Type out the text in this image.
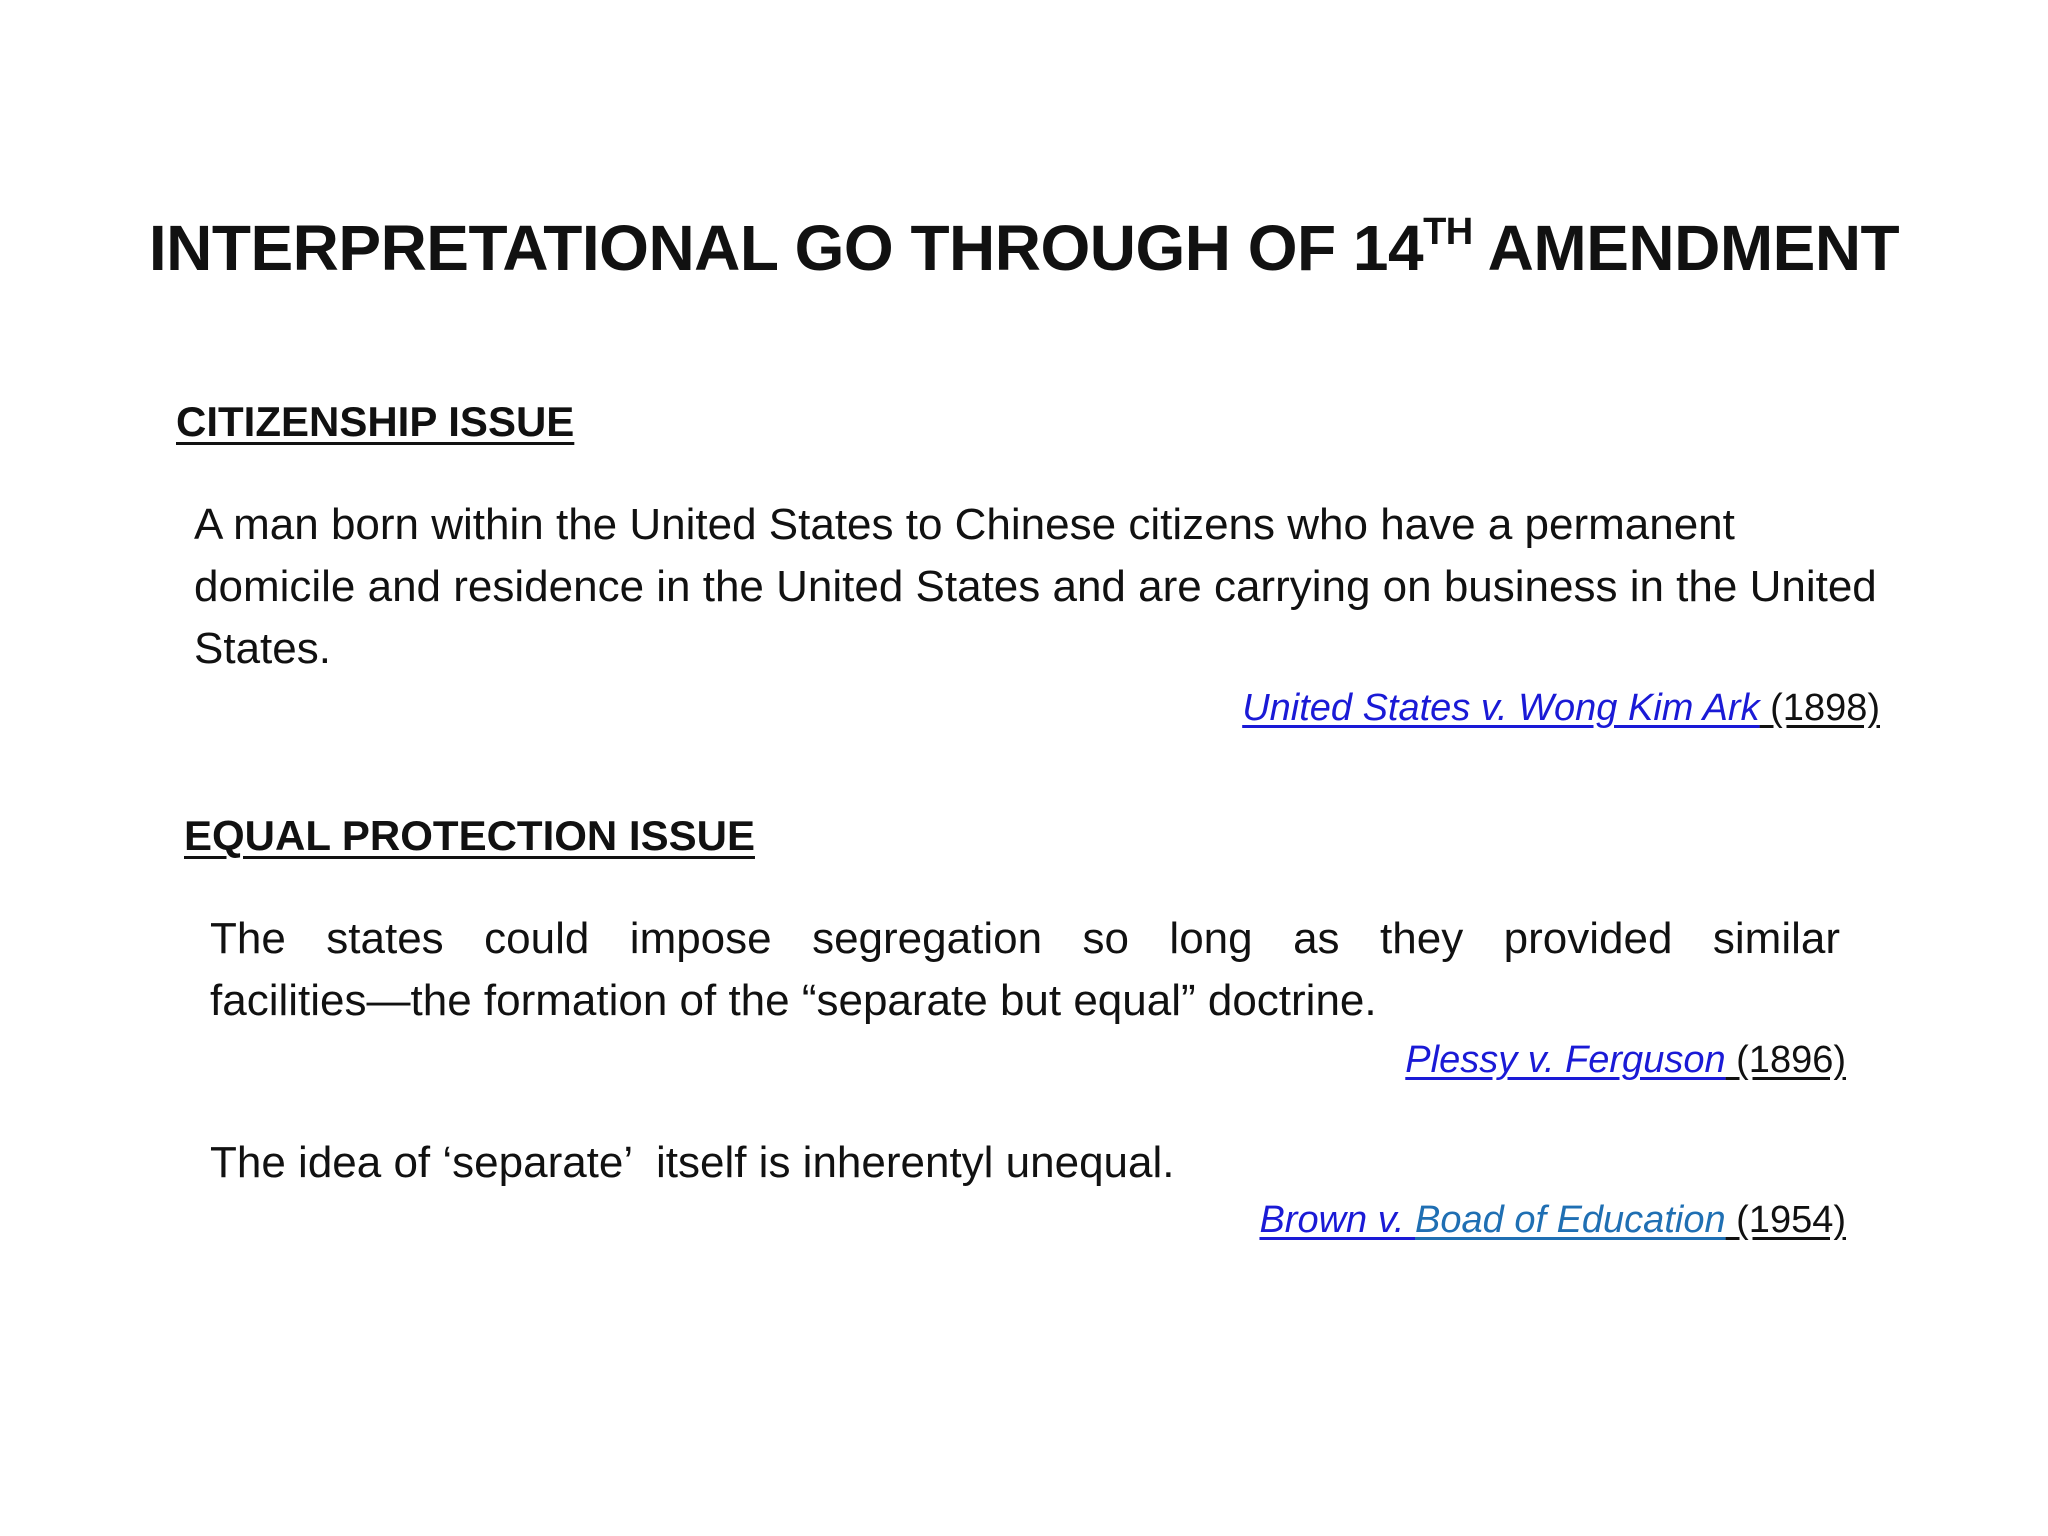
INTERPRETATIONAL GO THROUGH OF 14TH AMENDMENT
CITIZENSHIP ISSUE
A man born within the United States to Chinese citizens who have a permanent domicile and residence in the United States and are carrying on business in the United States.
United States v. Wong Kim Ark (1898)
EQUAL PROTECTION ISSUE
The states could impose segregation so long as they provided similar
facilities—the formation of the “separate but equal” doctrine.
Plessy v. Ferguson (1896)
The idea of ‘separate’  itself is inherentyl unequal.
Brown v. Boad of Education (1954)
